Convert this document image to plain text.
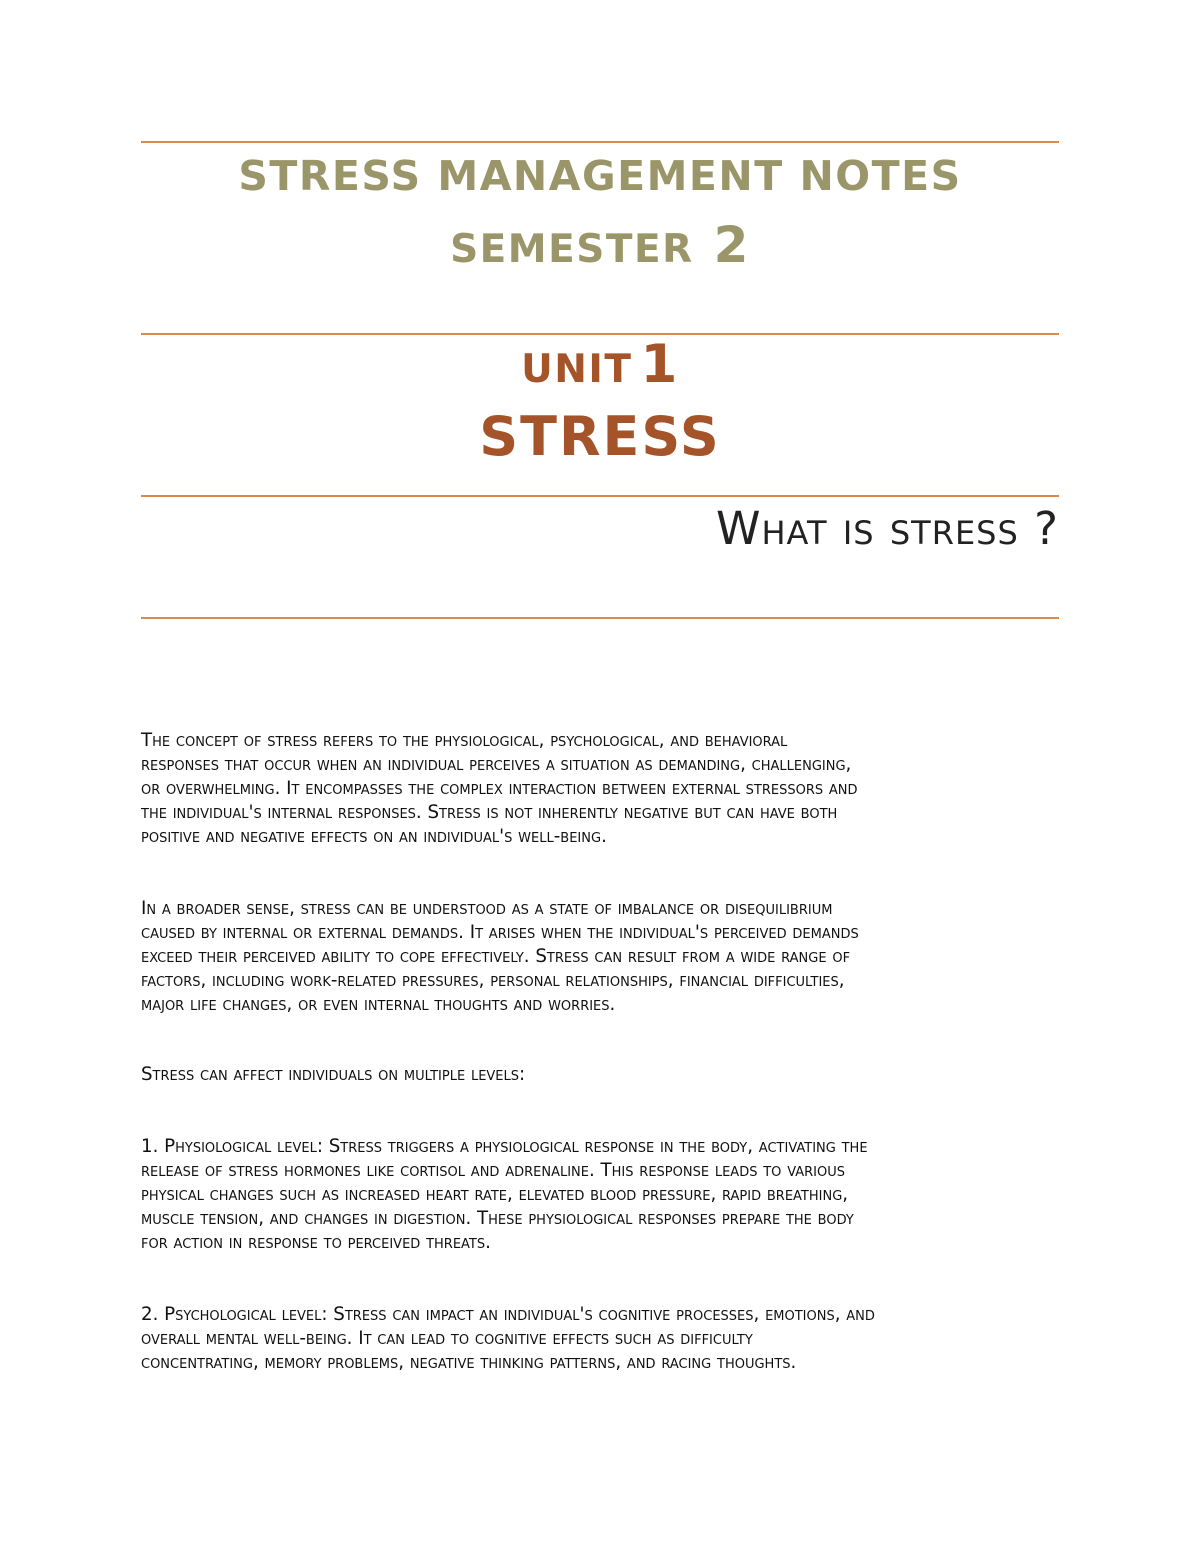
STRESS MANAGEMENT NOTES
SEMESTER 2
UNIT 1
STRESS
What is stress ?
The concept of stress refers to the physiological, psychological, and behavioral
responses that occur when an individual perceives a situation as demanding, challenging,
or overwhelming. It encompasses the complex interaction between external stressors and
the individual's internal responses. Stress is not inherently negative but can have both
positive and negative effects on an individual's well-being.
In a broader sense, stress can be understood as a state of imbalance or disequilibrium
caused by internal or external demands. It arises when the individual's perceived demands
exceed their perceived ability to cope effectively. Stress can result from a wide range of
factors, including work-related pressures, personal relationships, financial difficulties,
major life changes, or even internal thoughts and worries.
Stress can affect individuals on multiple levels:
1. Physiological level: Stress triggers a physiological response in the body, activating the
release of stress hormones like cortisol and adrenaline. This response leads to various
physical changes such as increased heart rate, elevated blood pressure, rapid breathing,
muscle tension, and changes in digestion. These physiological responses prepare the body
for action in response to perceived threats.
2. Psychological level: Stress can impact an individual's cognitive processes, emotions, and
overall mental well-being. It can lead to cognitive effects such as difficulty
concentrating, memory problems, negative thinking patterns, and racing thoughts.
